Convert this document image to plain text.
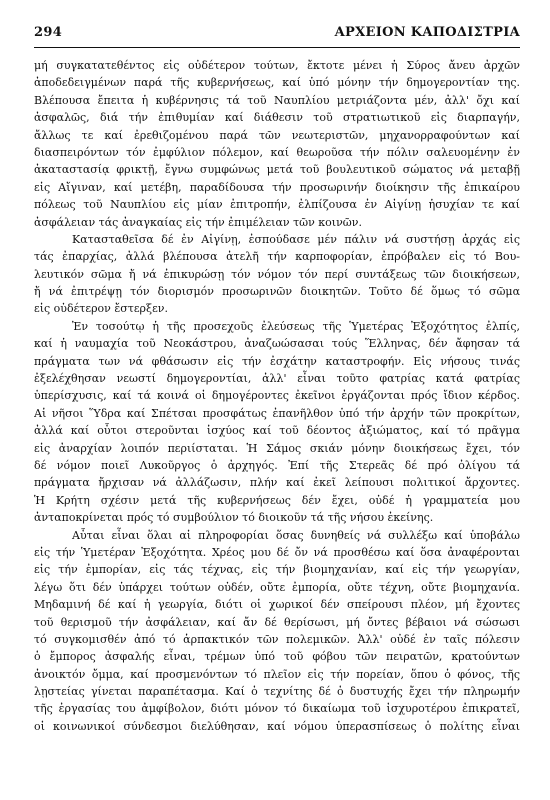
294	ΑΡΧΕΙΟΝ ΚΑΠΟΔΙΣΤΡΙΑ
μή συγκατατεθέντος εἰς οὐδέτερον τούτων, ἔκτοτε μένει ἡ Σύρος ἄνευ ἀρχῶν
ἀποδεδειγμένων παρά τῆς κυβερνήσεως, καί ὑπό μόνην τήν δημογεροντίαν της.
Βλέπουσα ἔπειτα ἡ κυβέρνησις τά τοῦ Ναυπλίου μετριάζοντα μέν, ἀλλ' ὄχι καί
ἀσφαλῶς, διά τήν ἐπιθυμίαν καί διάθεσιν τοῦ στρατιωτικοῦ εἰς διαρπαγήν,
ἄλλως τε καί ἐρεθιζομένου παρά τῶν νεωτεριστῶν, μηχανορραφούντων καί
διασπειρόντων τόν ἐμφύλιον πόλεμον, καί θεωροῦσα τήν πόλιν σαλευομένην ἐν
ἀκαταστασίᾳ φρικτῇ, ἔγνω συμφώνως μετά τοῦ βουλευτικοῦ σώματος νά μεταβῇ
εἰς Αἴγιναν, καί μετέβη, παραδίδουσα τήν προσωρινήν διοίκησιν τῆς ἐπικαίρου
πόλεως τοῦ Ναυπλίου εἰς μίαν ἐπιτροπήν, ἐλπίζουσα ἐν Αἰγίνῃ ἡσυχίαν τε καί
ἀσφάλειαν τάς ἀναγκαίας εἰς τήν ἐπιμέλειαν τῶν κοινῶν.
Κατασταθεῖσα δέ ἐν Αἰγίνῃ, ἐσπούδασε μέν πάλιν νά συστήσῃ ἀρχάς εἰς
τάς ἐπαρχίας, ἀλλά βλέπουσα ἀτελῆ τήν καρποφορίαν, ἐπρόβαλεν εἰς τό Βου-
λευτικόν σῶμα ἤ νά ἐπικυρώσῃ τόν νόμον τόν περί συντάξεως τῶν διοικήσεων,
ἤ νά ἐπιτρέψῃ τόν διορισμόν προσωρινῶν διοικητῶν. Τοῦτο δέ ὅμως τό σῶμα
εἰς οὐδέτερον ἔστερξεν.
Ἐν τοσούτῳ ἡ τῆς προσεχοῦς ἐλεύσεως τῆς Ὑμετέρας Ἐξοχότητος ἐλπίς,
καί ἡ ναυμαχία τοῦ Νεοκάστρου, ἀναζωώσασαι τούς Ἕλληνας, δέν ἄφησαν τά
πράγματα των νά φθάσωσιν εἰς τήν ἐσχάτην καταστροφήν. Εἰς νήσους τινάς
ἐξελέχθησαν νεωστί δημογεροντίαι, ἀλλ' εἶναι τοῦτο φατρίας κατά φατρίας
ὑπερίσχυσις, καί τά κοινά οἱ δημογέροντες ἐκεῖνοι ἐργάζονται πρός ἴδιον κέρδος.
Αἱ νῆσοι Ὕδρα καί Σπέτσαι προσφάτως ἐπανῆλθον ὑπό τήν ἀρχήν τῶν προκρίτων,
ἀλλά καί οὗτοι στεροῦνται ἰσχύος καί τοῦ δέοντος ἀξιώματος, καί τό πρᾶγμα
εἰς ἀναρχίαν λοιπόν περιίσταται. Ἡ Σάμος σκιάν μόνην διοικήσεως ἔχει, τόν
δέ νόμον ποιεῖ Λυκοῦργος ὁ ἀρχηγός. Ἐπί τῆς Στερεᾶς δέ πρό ὀλίγου τά
πράγματα ἤρχισαν νά ἀλλάζωσιν, πλήν καί ἐκεῖ λείπουσι πολιτικοί ἄρχοντες.
Ἡ Κρήτη σχέσιν μετά τῆς κυβερνήσεως δέν ἔχει, οὐδέ ἡ γραμματεία μου
ἀνταποκρίνεται πρός τό συμβούλιον τό διοικοῦν τά τῆς νήσου ἐκείνης.
Αὗται εἶναι ὅλαι αἱ πληροφορίαι ὅσας δυνηθείς νά συλλέξω καί ὑποβάλω
εἰς τήν Ὑμετέραν Ἐξοχότητα. Χρέος μου δέ ὄν νά προσθέσω καί ὅσα ἀναφέρονται
εἰς τήν ἐμπορίαν, εἰς τάς τέχνας, εἰς τήν βιομηχανίαν, καί εἰς τήν γεωργίαν,
λέγω ὅτι δέν ὑπάρχει τούτων οὐδέν, οὔτε ἐμπορία, οὔτε τέχνη, οὔτε βιομηχανία.
Μηδαμινή δέ καί ἡ γεωργία, διότι οἱ χωρικοί δέν σπείρουσι πλέον, μή ἔχοντες
τοῦ θερισμοῦ τήν ἀσφάλειαν, καί ἄν δέ θερίσωσι, μή ὄντες βέβαιοι νά σώσωσι
τό συγκομισθέν ἀπό τό ἁρπακτικόν τῶν πολεμικῶν. Ἀλλ' οὐδέ ἐν ταῖς πόλεσιν
ὁ ἔμπορος ἀσφαλής εἶναι, τρέμων ὑπό τοῦ φόβου τῶν πειρατῶν, κρατούντων
ἀνοικτόν ὄμμα, καί προσμενόντων τό πλεῖον εἰς τήν πορείαν, ὅπου ὁ φόνος, τῆς
λῃστείας γίνεται παραπέτασμα. Καί ὁ τεχνίτης δέ ὁ δυστυχής ἔχει τήν πληρωμήν
τῆς ἐργασίας του ἀμφίβολον, διότι μόνον τό δικαίωμα τοῦ ἰσχυροτέρου ἐπικρατεῖ,
οἱ κοινωνικοί σύνδεσμοι διελύθησαν, καί νόμου ὑπερασπίσεως ὁ πολίτης εἶναι
